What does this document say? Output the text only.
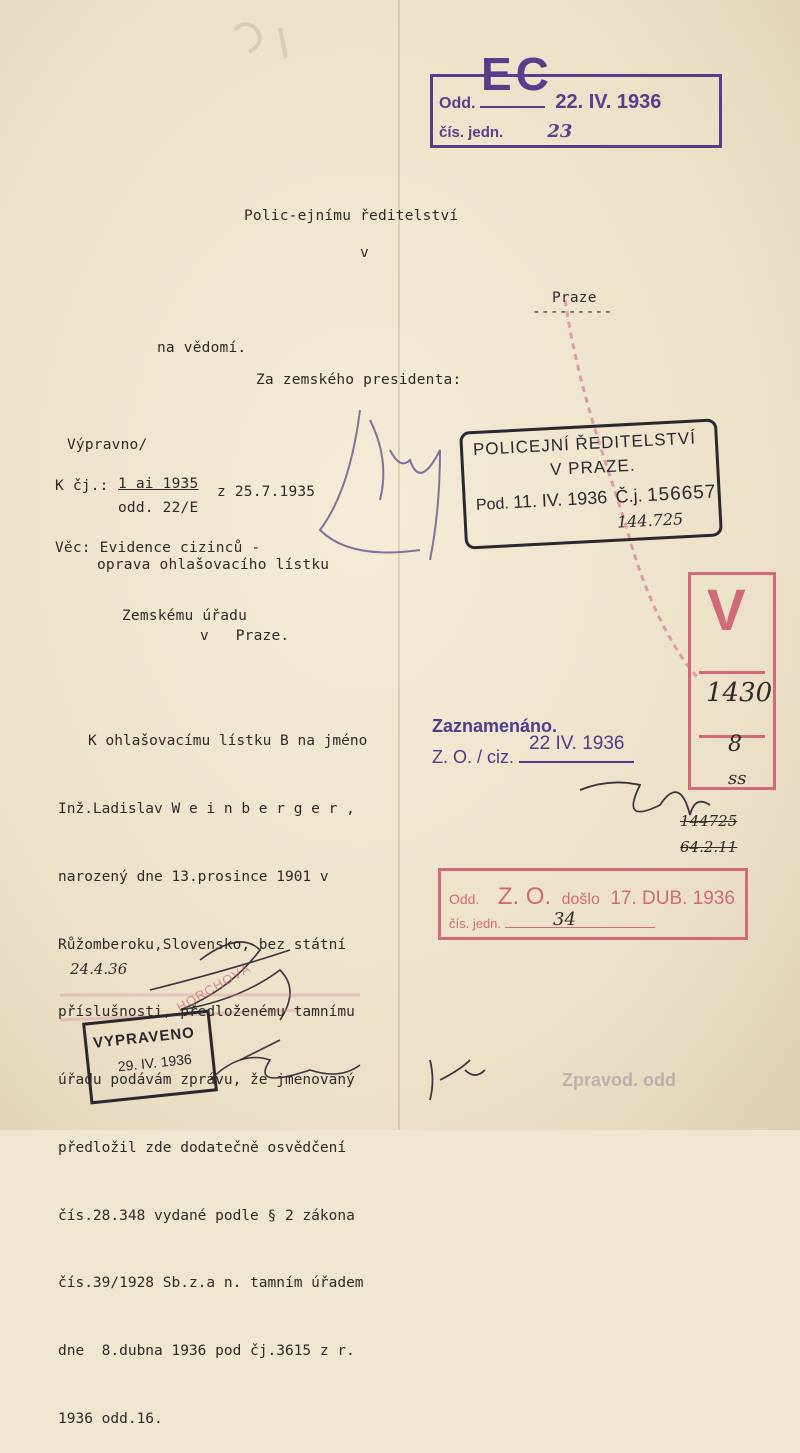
EC
Odd.	22. IV. 1936
čís. jedn. 23
Polic-ejnímu ředitelství
v
Praze
---------
na vědomí.
Za zemského presidenta:
Výpravno/
K čj.: 1 ai 1935 z 25.7.1935
odd. 22/E
Věc: Evidence cizinců -
oprava ohlašovacího lístku
Zemskému úřadu
v   Praze.

K ohlašovacímu lístku B na jméno

Inž.Ladislav W e i n b e r g e r ,

narozený dne 13.prosince 1901 v

Růžomberoku,Slovensko, bez státní

příslušnosti, předloženému tamnímu

úřadu podávám zprávu, že jmenovaný

předložil zde dodatečně osvědčení

čís.28.348 vydané podle § 2 zákona

čís.39/1928 Sb.z.a n. tamním úřadem

dne  8.dubna 1936 pod čj.3615 z r.

1936 odd.16.

POLICEJNÍ ŘEDITELSTVÍ
V PRAZE.
Pod. 11. IV. 1936 Č.j. 156657
144.725
V
1430
8
ss
Zaznamenáno.
Z. O. / ciz.
22 IV. 1936
144725
64.2.11
Odd. Z. O. došlo 17. DUB. 1936
čís. jedn.	34
24.4.36	HORCHOVÁ
VYPRAVENO
29. IV. 1936
Zpravod. odd
